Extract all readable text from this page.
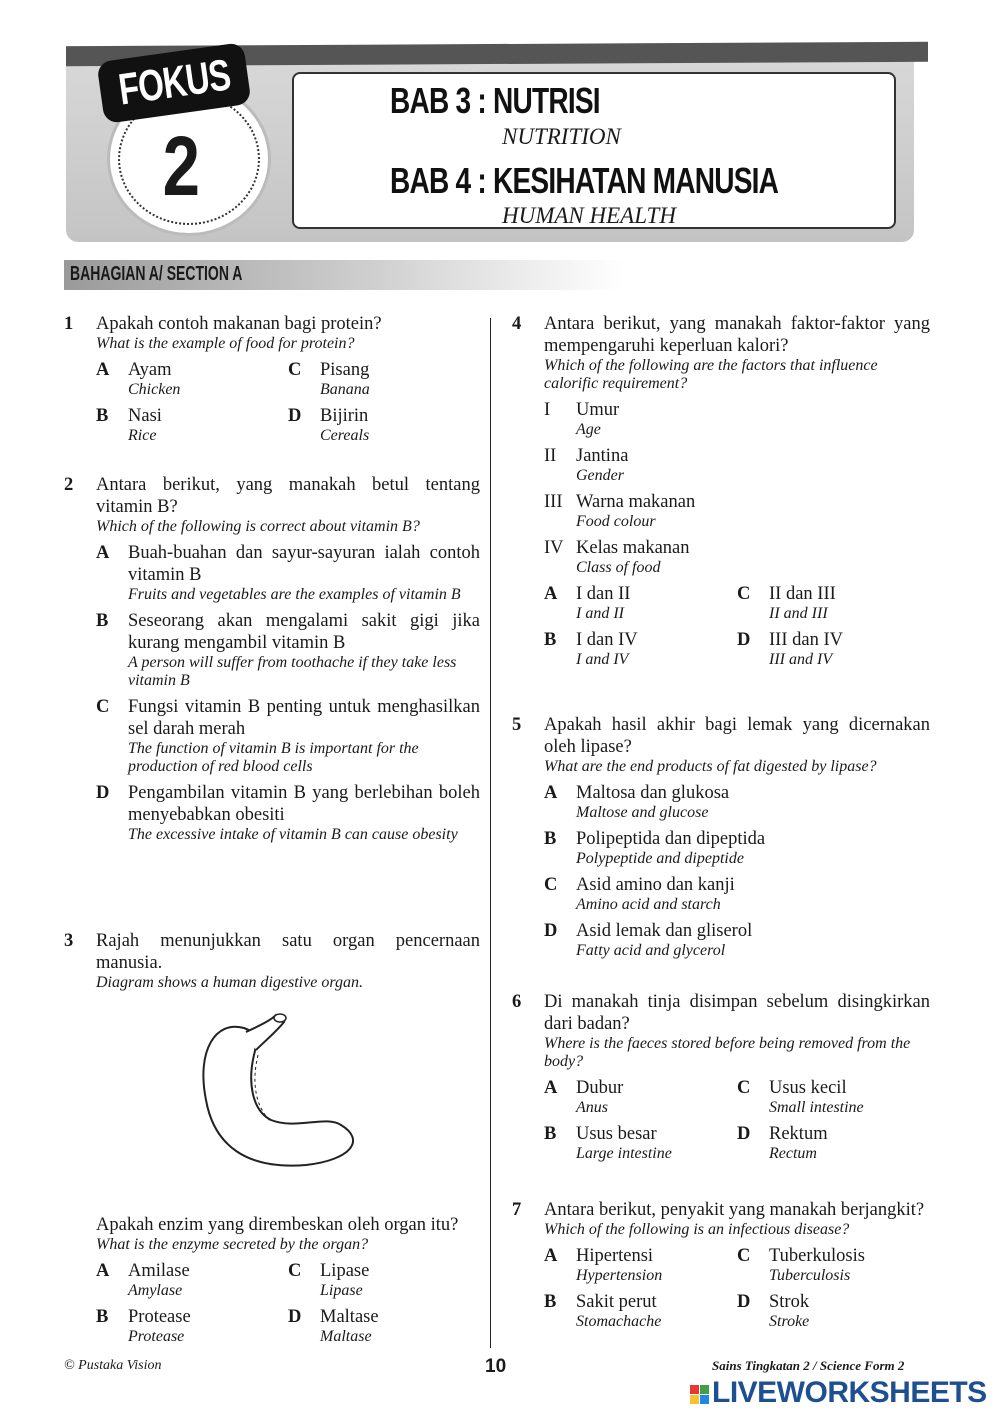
BAB 3 : NUTRISI
NUTRITION
BAB 4 : KESIHATAN MANUSIA
HUMAN HEALTH
2
FOKUS
BAHAGIAN A/ SECTION A
1 Apakah contoh makanan bagi protein?
What is the example of food for protein?
A	Ayam
Chicken
C	Pisang
Banana
B	Nasi
Rice
D	Bijirin
Cereals
2 Antara berikut, yang manakah betul tentang vitamin B?
Which of the following is correct about vitamin B?
A	Buah-buahan dan sayur-sayuran ialah contoh vitamin B
Fruits and vegetables are the examples of vitamin B
B	Seseorang akan mengalami sakit gigi jika kurang mengambil vitamin B
A person will suffer from toothache if they take less vitamin B
C	Fungsi vitamin B penting untuk menghasilkan sel darah merah
The function of vitamin B is important for the production of red blood cells
D	Pengambilan vitamin B yang berlebihan boleh menyebabkan obesiti
The excessive intake of vitamin B can cause obesity
3 Rajah menunjukkan satu organ pencernaan manusia.
Diagram shows a human digestive organ.
Apakah enzim yang dirembeskan oleh organ itu?
What is the enzyme secreted by the organ?
A	Amilase
Amylase
C	Lipase
Lipase
B	Protease
Protease
D	Maltase
Maltase
4 Antara berikut, yang manakah faktor-faktor yang mempengaruhi keperluan kalori?
Which of the following are the factors that influence calorific requirement?
I	Umur
Age
II	Jantina
Gender
III Warna makanan
Food colour
IV Kelas makanan
Class of food
A	I dan II
I and II
C	II dan III
II and III
B	I dan IV
I and IV
D	III dan IV
III and IV
5 Apakah hasil akhir bagi lemak yang dicernakan oleh lipase?
What are the end products of fat digested by lipase?
A	Maltosa dan glukosa
Maltose and glucose
B	Polipeptida dan dipeptida
Polypeptide and dipeptide
C	Asid amino dan kanji
Amino acid and starch
D	Asid lemak dan gliserol
Fatty acid and glycerol
6 Di manakah tinja disimpan sebelum disingkirkan dari badan?
Where is the faeces stored before being removed from the body?
A	Dubur
Anus
C	Usus kecil
Small intestine
B	Usus besar
Large intestine
D	Rektum
Rectum
7 Antara berikut, penyakit yang manakah berjangkit?
Which of the following is an infectious disease?
A	Hipertensi
Hypertension
C	Tuberkulosis
Tuberculosis
B	Sakit perut
Stomachache
D	Strok
Stroke
© Pustaka Vision	10	Sains Tingkatan 2 / Science Form 2
LIVEWORKSHEETS
